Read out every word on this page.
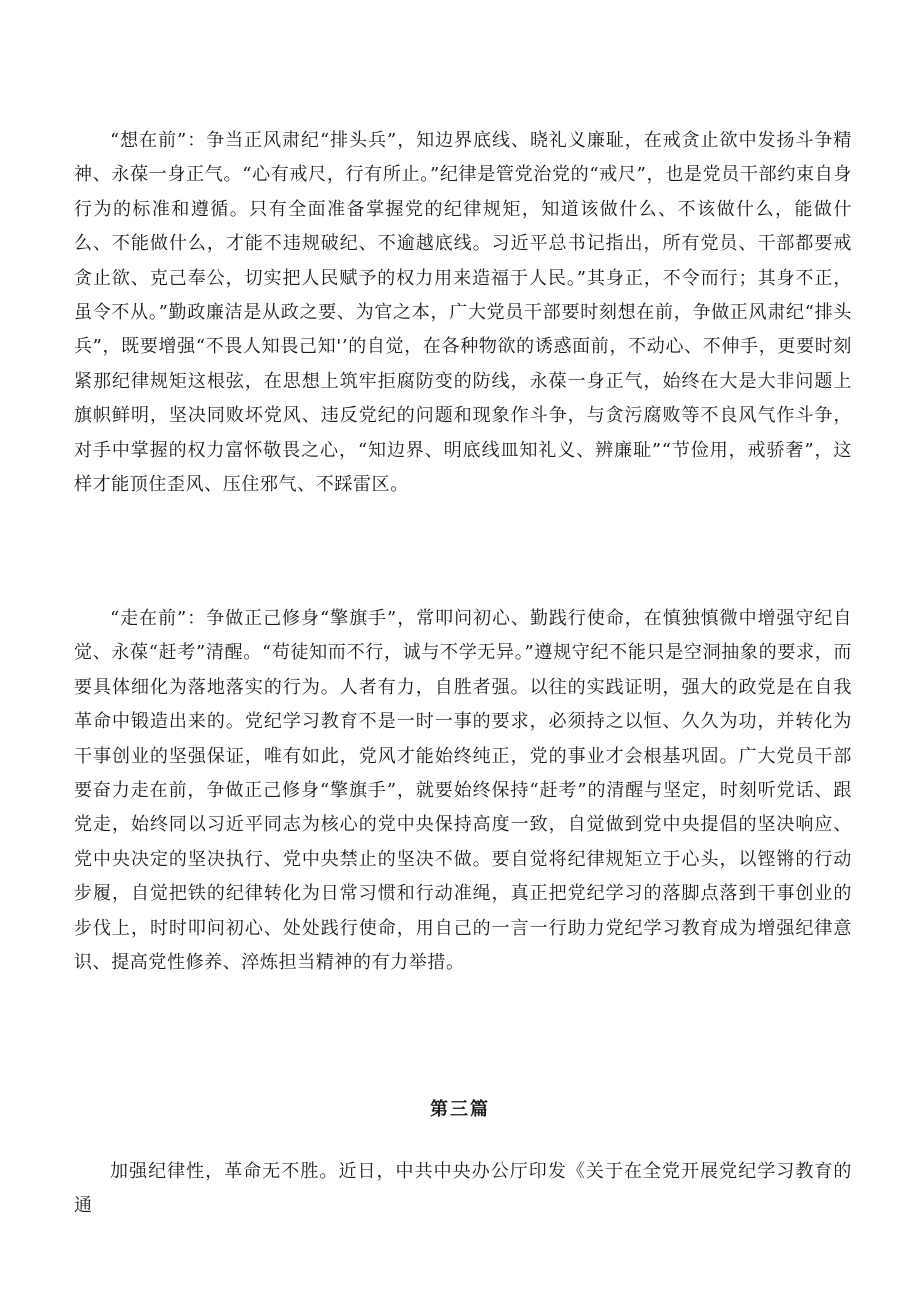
“想在前”：争当正风肃纪“排头兵”，知边界底线、晓礼义廉耻，在戒贪止欲中发扬斗争精神、永葆一身正气。“心有戒尺，行有所止。”纪律是管党治党的“戒尺”，也是党员干部约束自身行为的标准和遵循。只有全面准备掌握党的纪律规矩，知道该做什么、不该做什么，能做什么、不能做什么，才能不违规破纪、不逾越底线。习近平总书记指出，所有党员、干部都要戒贪止欲、克己奉公，切实把人民赋予的权力用来造福于人民。”其身正，不令而行；其身不正，虽令不从。”勤政廉洁是从政之要、为官之本，广大党员干部要时刻想在前，争做正风肃纪“排头兵”，既要增强“不畏人知畏己知'’的自觉，在各种物欲的诱惑面前，不动心、不伸手，更要时刻紧那纪律规矩这根弦，在思想上筑牢拒腐防变的防线，永葆一身正气，始终在大是大非问题上旗帜鲜明，坚决同败坏党风、违反党纪的问题和现象作斗争，与贪污腐败等不良风气作斗争，对手中掌握的权力富怀敬畏之心，“知边界、明底线皿知礼义、辨廉耻”“节俭用，戒骄奢”，这样才能顶住歪风、压住邪气、不踩雷区。

“走在前”：争做正己修身“擎旗手”，常叩问初心、勤践行使命，在慎独慎微中增强守纪自觉、永葆“赶考”清醒。“苟徒知而不行，诚与不学无异。”遵规守纪不能只是空洞抽象的要求，而要具体细化为落地落实的行为。人者有力，自胜者强。以往的实践证明，强大的政党是在自我革命中锻造出来的。党纪学习教育不是一时一事的要求，必须持之以恒、久久为功，并转化为干事创业的坚强保证，唯有如此，党风才能始终纯正，党的事业才会根基巩固。广大党员干部要奋力走在前，争做正己修身“擎旗手”，就要始终保持“赶考”的清醒与坚定，时刻听党话、跟党走，始终同以习近平同志为核心的党中央保持高度一致，自觉做到党中央提倡的坚决响应、党中央决定的坚决执行、党中央禁止的坚决不做。要自觉将纪律规矩立于心头，以铿锵的行动步履，自觉把铁的纪律转化为日常习惯和行动准绳，真正把党纪学习的落脚点落到干事创业的步伐上，时时叩问初心、处处践行使命，用自己的一言一行助力党纪学习教育成为增强纪律意识、提高党性修养、淬炼担当精神的有力举措。

第三篇

加强纪律性，革命无不胜。近日，中共中央办公厅印发《关于在全党开展党纪学习教育的通
